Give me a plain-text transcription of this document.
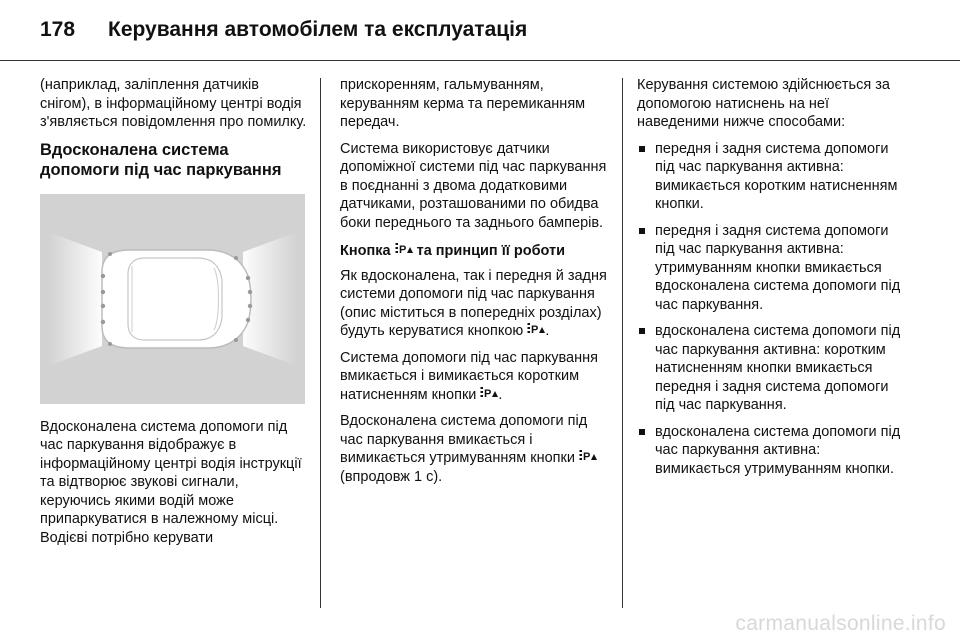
178 Керування автомобілем та експлуатація

(наприклад, заліплення датчиків снігом), в інформаційному центрі водія з'являється повідомлення про помилку.

Вдосконалена система допомоги під час паркування

Вдосконалена система допомоги під час паркування відображує в інформаційному центрі водія інструкції та відтворює звукові сигнали, керуючись якими водій може припаркуватися в належному місці. Водієві потрібно керувати

прискоренням, гальмуванням, керуванням керма та перемиканням передач.

Система використовує датчики допоміжної системи під час паркування в поєднанні з двома додатковими датчиками, розташованими по обидва боки переднього та заднього бамперів.

Кнопка P та принцип її роботи

Як вдосконалена, так і передня й задня системи допомоги під час паркування (опис міститься в попередніх розділах) будуть керуватися кнопкою P .

Система допомоги під час паркування вмикається і вимикається коротким натисненням кнопки P .

Вдосконалена система допомоги під час паркування вмикається і вимикається утримуванням кнопки P
(впродовж 1 с).

Керування системою здійснюється за допомогою натиснень на неї наведеними нижче способами:

передня і задня система допомоги під час паркування активна: вимикається коротким натисненням кнопки.
передня і задня система допомоги під час паркування активна: утримуванням кнопки вмикається вдосконалена система допомоги під час паркування.
вдосконалена система допомоги під час паркування активна: коротким натисненням кнопки вмикається передня і задня система допомоги під час паркування.
вдосконалена система допомоги під час паркування активна: вимикається утримуванням кнопки.
carmanualsonline.info
